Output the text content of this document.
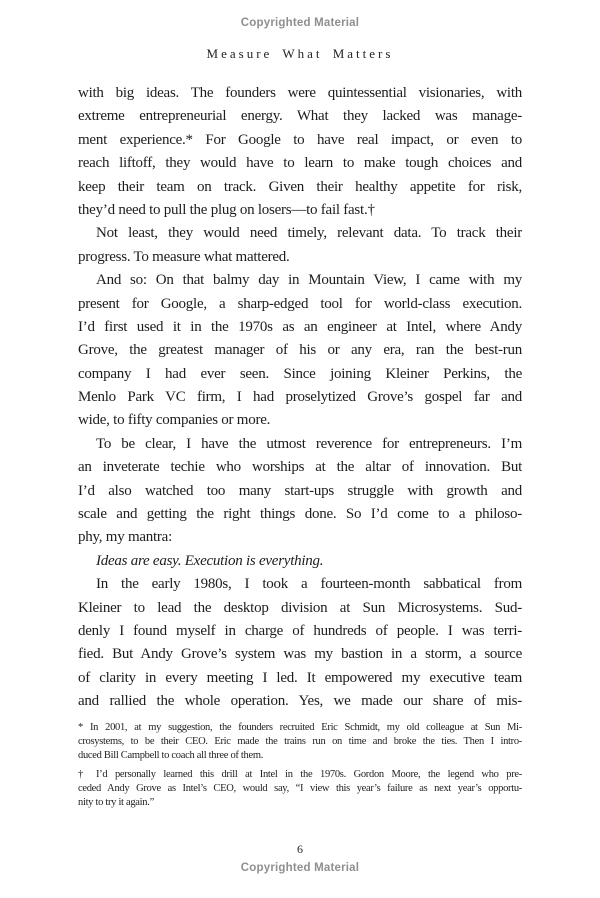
Copyrighted Material
Measure What Matters
with big ideas. The founders were quintessential visionaries, with
extreme entrepreneurial energy. What they lacked was manage-
ment experience.* For Google to have real impact, or even to
reach liftoff, they would have to learn to make tough choices and
keep their team on track. Given their healthy appetite for risk,
they’d need to pull the plug on losers—to fail fast.†
Not least, they would need timely, relevant data. To track their
progress. To measure what mattered.
And so: On that balmy day in Mountain View, I came with my
present for Google, a sharp-edged tool for world-class execution.
I’d first used it in the 1970s as an engineer at Intel, where Andy
Grove, the greatest manager of his or any era, ran the best-run
company I had ever seen. Since joining Kleiner Perkins, the
Menlo Park VC firm, I had proselytized Grove’s gospel far and
wide, to fifty companies or more.
To be clear, I have the utmost reverence for entrepreneurs. I’m
an inveterate techie who worships at the altar of innovation. But
I’d also watched too many start-ups struggle with growth and
scale and getting the right things done. So I’d come to a philoso-
phy, my mantra:
Ideas are easy. Execution is everything.
In the early 1980s, I took a fourteen-month sabbatical from
Kleiner to lead the desktop division at Sun Microsystems. Sud-
denly I found myself in charge of hundreds of people. I was terri-
fied. But Andy Grove’s system was my bastion in a storm, a source
of clarity in every meeting I led. It empowered my executive team
and rallied the whole operation. Yes, we made our share of mis-
* In 2001, at my suggestion, the founders recruited Eric Schmidt, my old colleague at Sun Mi-
crosystems, to be their CEO. Eric made the trains run on time and broke the ties. Then I intro-
duced Bill Campbell to coach all three of them.
† I’d personally learned this drill at Intel in the 1970s. Gordon Moore, the legend who pre-
ceded Andy Grove as Intel’s CEO, would say, “I view this year’s failure as next year’s opportu-
nity to try it again.”
6
Copyrighted Material
